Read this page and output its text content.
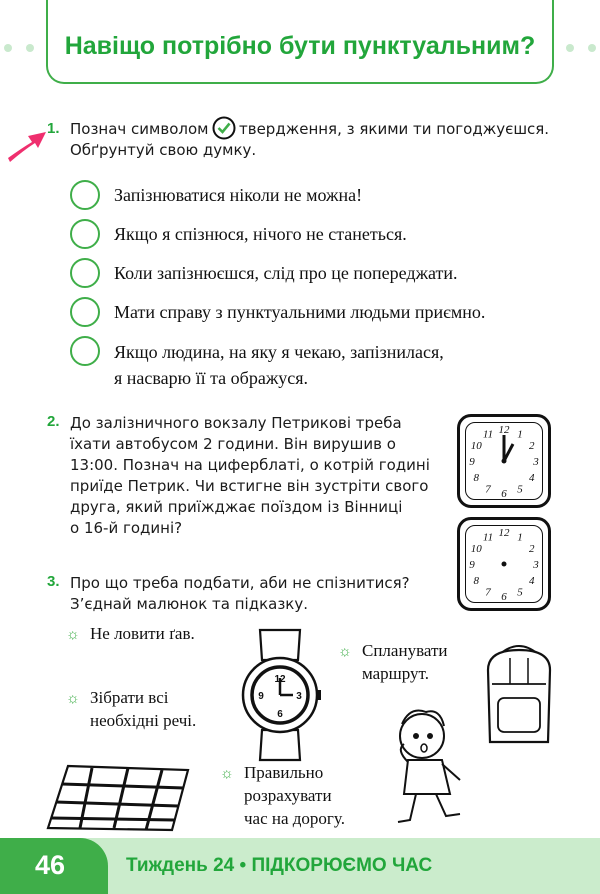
Навіщо потрібно бути пунктуальним?
1. Познач символом твердження, з якими ти погоджуєшся.
Обґрунтуй свою думку.
Запізнюватися ніколи не можна!
Якщо я спізнюся, нічого не станеться.
Коли запізнюєшся, слід про це попереджати.
Мати справу з пунктуальними людьми приємно.
Якщо людина, на яку я чекаю, запізнилася,
я насварю її та ображуся.
2. До залізничного вокзалу Петрикові треба
їхати автобусом 2 години. Він вирушив о
13:00. Познач на циферблаті, о котрій годині
приїде Петрик. Чи встигне він зустріти свого
друга, який приїжджає поїздом із Вінниці
о 16-й годині?
12 1
2
3
4
5
6
7
8
9
10
11
12 1
2
3
4
5
6
7
8
9
10
11
3. Про що треба подбати, аби не спізнитися?
З’єднай малюнок та підказку.
☼ Не ловити ґав.
☼ Зібрати всі
необхідні речі.
☼ Спланувати
маршрут.
☼ Правильно
розрахувати
час на дорогу.
12
3
6
9
46	Тиждень 24 • ПІДКОРЮЄМО ЧАС
